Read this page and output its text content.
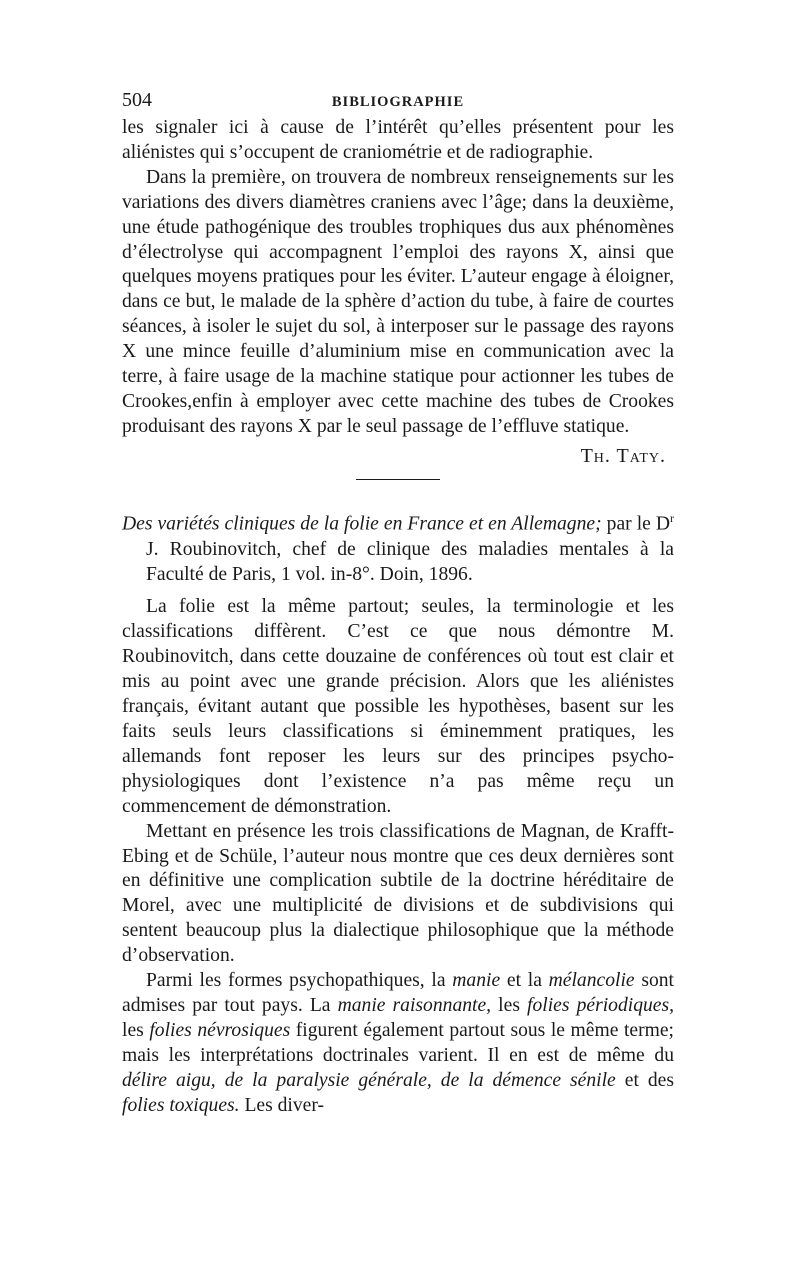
504	BIBLIOGRAPHIE

les signaler ici à cause de l’intérêt qu’elles présentent pour les aliénistes qui s’occupent de craniométrie et de radiographie.

Dans la première, on trouvera de nombreux renseignements sur les variations des divers diamètres craniens avec l’âge; dans la deuxième, une étude pathogénique des troubles trophiques dus aux phénomènes d’électrolyse qui accompagnent l’emploi des rayons X, ainsi que quelques moyens pratiques pour les éviter. L’auteur engage à éloigner, dans ce but, le malade de la sphère d’action du tube, à faire de courtes séances, à isoler le sujet du sol, à interposer sur le passage des rayons X une mince feuille d’aluminium mise en communication avec la terre, à faire usage de la machine statique pour actionner les tubes de Crookes,enfin à employer avec cette machine des tubes de Crookes produisant des rayons X par le seul passage de l’effluve statique.

Th. Taty.

Des variétés cliniques de la folie en France et en Allemagne; par le $D^r$ J. Roubinovitch, chef de clinique des maladies mentales à la Faculté de Paris, 1 vol. in-8°. Doin, 1896.

La folie est la même partout; seules, la terminologie et les classifications diffèrent. C’est ce que nous démontre M. Roubinovitch, dans cette douzaine de conférences où tout est clair et mis au point avec une grande précision. Alors que les aliénistes français, évitant autant que possible les hypothèses, basent sur les faits seuls leurs classifications si éminemment pratiques, les allemands font reposer les leurs sur des principes psycho-physiologiques dont l’existence n’a pas même reçu un commencement de démonstration.

Mettant en présence les trois classifications de Magnan, de Krafft-Ebing et de Schüle, l’auteur nous montre que ces deux dernières sont en définitive une complication subtile de la doctrine héréditaire de Morel, avec une multiplicité de divisions et de subdivisions qui sentent beaucoup plus la dialectique philosophique que la méthode d’observation.

Parmi les formes psychopathiques, la manie et la mélancolie sont admises par tout pays. La manie raisonnante, les folies périodiques, les folies névrosiques figurent également partout sous le même terme; mais les interprétations doctrinales varient. Il en est de même du délire aigu, de la paralysie générale, de la démence sénile et des folies toxiques. Les diver-
